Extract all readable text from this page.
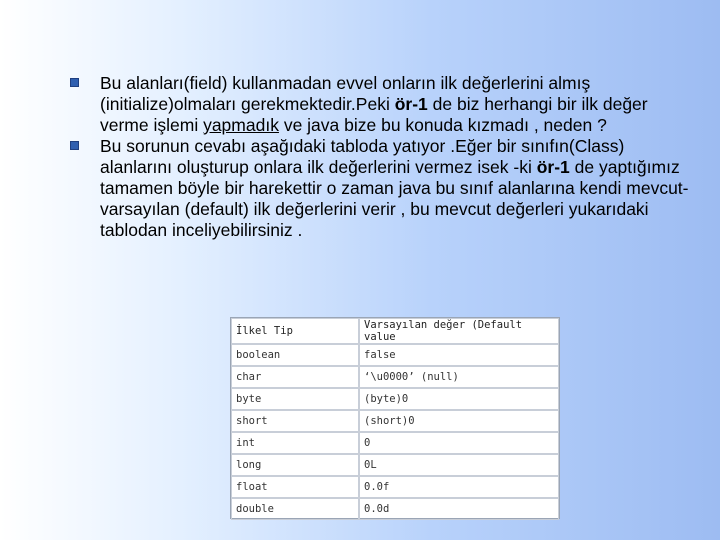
Bu alanları(field) kullanmadan evvel onların ilk değerlerini almış (initialize)olmaları gerekmektedir.Peki ör-1 de biz herhangi bir ilk değer verme işlemi yapmadık ve java bize bu konuda kızmadı , neden ?
Bu sorunun cevabı aşağıdaki tabloda yatıyor .Eğer bir sınıfın(Class) alanlarını oluşturup onlara ilk değerlerini vermez isek -ki ör-1 de yaptığımız tamamen böyle bir harekettir o zaman java bu sınıf alanlarına kendi mevcut-varsayılan (default) ilk değerlerini verir , bu mevcut değerleri yukarıdaki tablodan inceliyebilirsiniz .
İlkel Tip	Varsayılan değer (Default value
boolean	false
char	‘\u0000’ (null)
byte	(byte)0
short	(short)0
int	0
long	0L
float	0.0f
double	0.0d
